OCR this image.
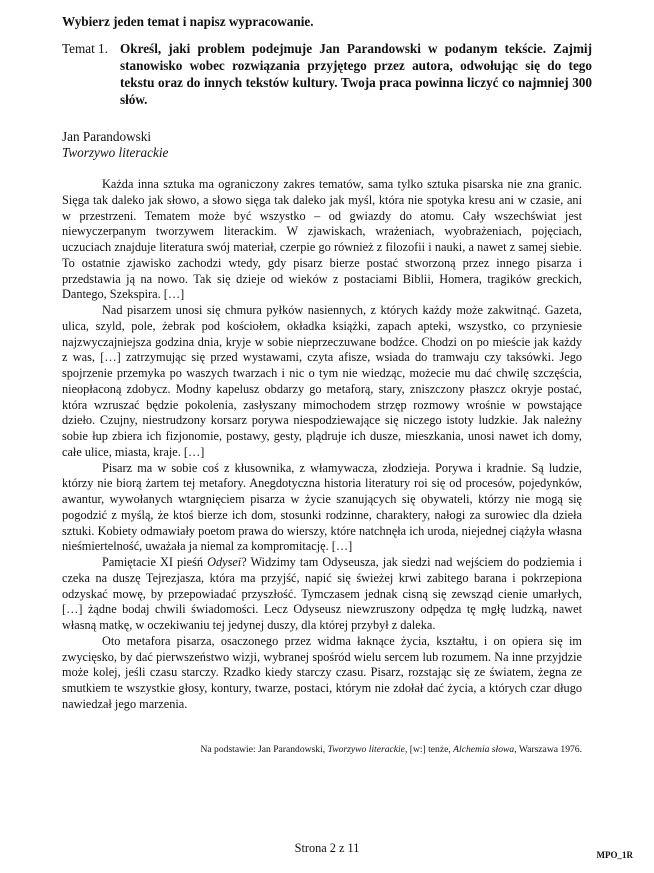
Wybierz jeden temat i napisz wypracowanie.
Temat 1. Określ, jaki problem podejmuje Jan Parandowski w podanym tekście. Zajmij stanowisko wobec rozwiązania przyjętego przez autora, odwołując się do tego tekstu oraz do innych tekstów kultury. Twoja praca powinna liczyć co najmniej 300 słów.
Jan Parandowski
Tworzywo literackie

Każda inna sztuka ma ograniczony zakres tematów, sama tylko sztuka pisarska nie zna granic. Sięga tak daleko jak słowo, a słowo sięga tak daleko jak myśl, która nie spotyka kresu ani w czasie, ani w przestrzeni. Tematem może być wszystko – od gwiazdy do atomu. Cały wszechświat jest niewyczerpanym tworzywem literackim. W zjawiskach, wrażeniach, wyobrażeniach, pojęciach, uczuciach znajduje literatura swój materiał, czerpie go również z filozofii i nauki, a nawet z samej siebie. To ostatnie zjawisko zachodzi wtedy, gdy pisarz bierze postać stworzoną przez innego pisarza i przedstawia ją na nowo. Tak się dzieje od wieków z postaciami Biblii, Homera, tragików greckich, Dantego, Szekspira. […]

Nad pisarzem unosi się chmura pyłków nasiennych, z których każdy może zakwitnąć. Gazeta, ulica, szyld, pole, żebrak pod kościołem, okładka książki, zapach apteki, wszystko, co przyniesie najzwyczajniejsza godzina dnia, kryje w sobie nieprzeczuwane bodźce. Chodzi on po mieście jak każdy z was, […] zatrzymując się przed wystawami, czyta afisze, wsiada do tramwaju czy taksówki. Jego spojrzenie przemyka po waszych twarzach i nic o tym nie wiedząc, możecie mu dać chwilę szczęścia, nieopłaconą zdobycz. Modny kapelusz obdarzy go metaforą, stary, zniszczony płaszcz okryje postać, która wzruszać będzie pokolenia, zasłyszany mimochodem strzęp rozmowy wrośnie w powstające dzieło. Czujny, niestrudzony korsarz porywa niespodziewające się niczego istoty ludzkie. Jak należny sobie łup zbiera ich fizjonomie, postawy, gesty, plądruje ich dusze, mieszkania, unosi nawet ich domy, całe ulice, miasta, kraje. […]

Pisarz ma w sobie coś z kłusownika, z włamywacza, złodzieja. Porywa i kradnie. Są ludzie, którzy nie biorą żartem tej metafory. Anegdotyczna historia literatury roi się od procesów, pojedynków, awantur, wywołanych wtargnięciem pisarza w życie szanujących się obywateli, którzy nie mogą się pogodzić z myślą, że ktoś bierze ich dom, stosunki rodzinne, charaktery, nałogi za surowiec dla dzieła sztuki. Kobiety odmawiały poetom prawa do wierszy, które natchnęła ich uroda, niejednej ciążyła własna nieśmiertelność, uważała ja niemal za kompromitację. […]

Pamiętacie XI pieśń Odysei? Widzimy tam Odyseusza, jak siedzi nad wejściem do podziemia i czeka na duszę Tejrezjasza, która ma przyjść, napić się świeżej krwi zabitego barana i pokrzepiona odzyskać mowę, by przepowiadać przyszłość. Tymczasem jednak cisną się zewsząd cienie umarłych, […] żądne bodaj chwili świadomości. Lecz Odyseusz niewzruszony odpędza tę mgłę ludzką, nawet własną matkę, w oczekiwaniu tej jedynej duszy, dla której przybył z daleka.

Oto metafora pisarza, osaczonego przez widma łaknące życia, kształtu, i on opiera się im zwycięsko, by dać pierwszeństwo wizji, wybranej spośród wielu sercem lub rozumem. Na inne przyjdzie może kolej, jeśli czasu starczy. Rzadko kiedy starczy czasu. Pisarz, rozstając się ze światem, żegna ze smutkiem te wszystkie głosy, kontury, twarze, postaci, którym nie zdołał dać życia, a których czar długo nawiedzał jego marzenia.

Na podstawie: Jan Parandowski, Tworzywo literackie, [w:] tenże, Alchemia słowa, Warszawa 1976.
Strona 2 z 11	MPO_1R
